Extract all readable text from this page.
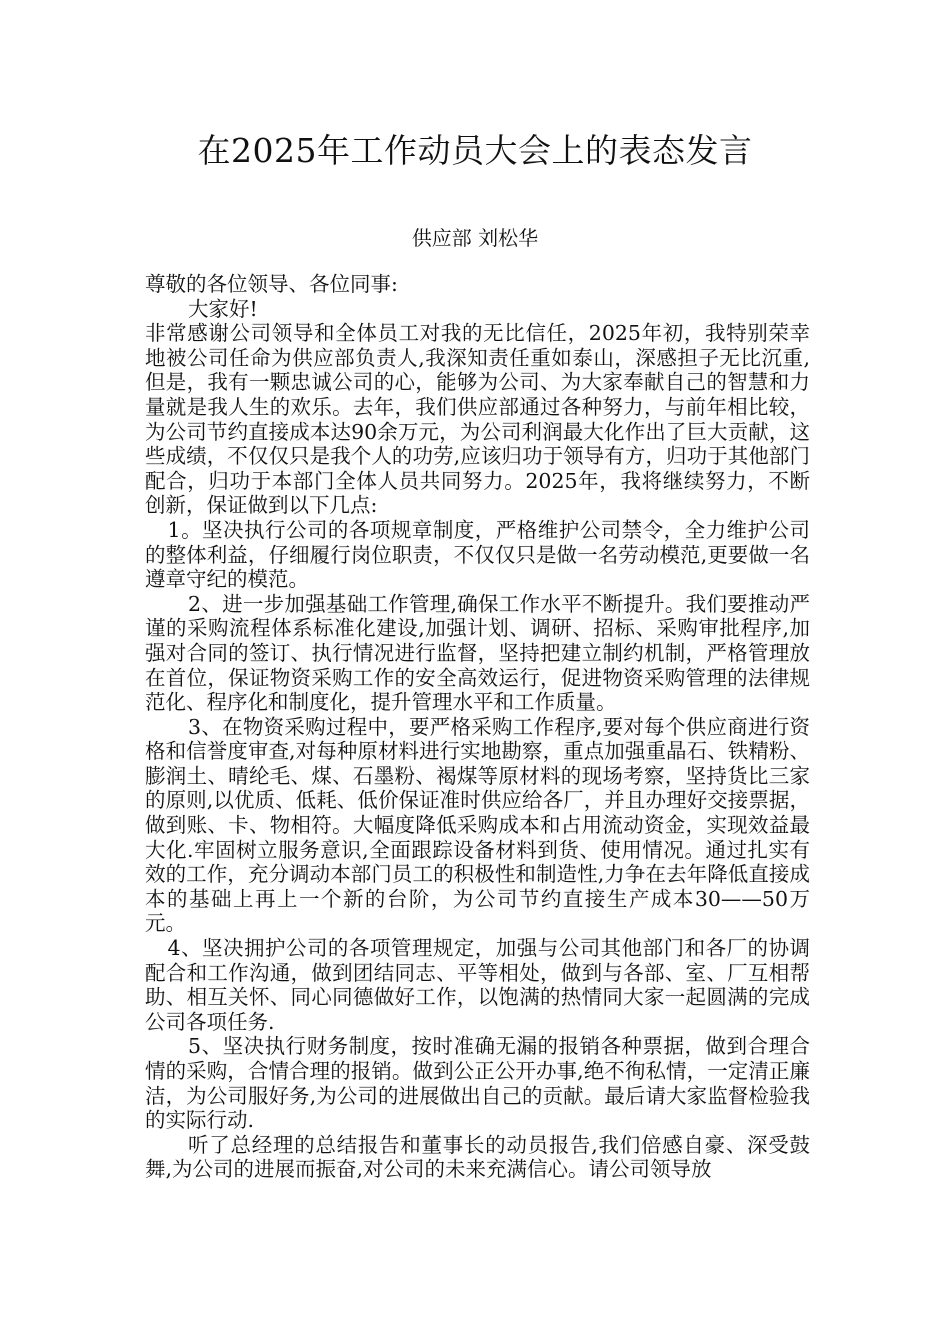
在2025年工作动员大会上的表态发言
供应部 刘松华

尊敬的各位领导、各位同事:

大家好!

非常感谢公司领导和全体员工对我的无比信任，2025年初，我特别荣幸地被公司任命为供应部负责人,我深知责任重如泰山，深感担子无比沉重,但是，我有一颗忠诚公司的心，能够为公司、为大家奉献自己的智慧和力量就是我人生的欢乐。去年，我们供应部通过各种努力，与前年相比较，为公司节约直接成本达90余万元，为公司利润最大化作出了巨大贡献，这些成绩，不仅仅只是我个人的功劳,应该归功于领导有方，归功于其他部门配合，归功于本部门全体人员共同努力。2025年，我将继续努力，不断创新，保证做到以下几点:

1。坚决执行公司的各项规章制度，严格维护公司禁令，全力维护公司的整体利益，仔细履行岗位职责，不仅仅只是做一名劳动模范,更要做一名遵章守纪的模范。

2、进一步加强基础工作管理,确保工作水平不断提升。我们要推动严谨的采购流程体系标准化建设,加强计划、调研、招标、采购审批程序,加强对合同的签订、执行情况进行监督，坚持把建立制约机制，严格管理放在首位，保证物资采购工作的安全高效运行，促进物资采购管理的法律规范化、程序化和制度化，提升管理水平和工作质量。

3、在物资采购过程中，要严格采购工作程序,要对每个供应商进行资格和信誉度审查,对每种原材料进行实地勘察，重点加强重晶石、铁精粉、膨润土、晴纶毛、煤、石墨粉、褐煤等原材料的现场考察，坚持货比三家的原则,以优质、低耗、低价保证准时供应给各厂，并且办理好交接票据，做到账、卡、物相符。大幅度降低采购成本和占用流动资金，实现效益最大化.牢固树立服务意识,全面跟踪设备材料到货、使用情况。通过扎实有效的工作，充分调动本部门员工的积极性和制造性,力争在去年降低直接成本的基础上再上一个新的台阶，为公司节约直接生产成本30——50万元。

4、坚决拥护公司的各项管理规定，加强与公司其他部门和各厂的协调配合和工作沟通，做到团结同志、平等相处，做到与各部、室、厂互相帮助、相互关怀、同心同德做好工作，以饱满的热情同大家一起圆满的完成公司各项任务.

5、坚决执行财务制度，按时准确无漏的报销各种票据，做到合理合情的采购，合情合理的报销。做到公正公开办事,绝不徇私情，一定清正廉洁，为公司服好务,为公司的进展做出自己的贡献。最后请大家监督检验我的实际行动.

听了总经理的总结报告和董事长的动员报告,我们倍感自豪、深受鼓舞,为公司的进展而振奋,对公司的未来充满信心。请公司领导放
